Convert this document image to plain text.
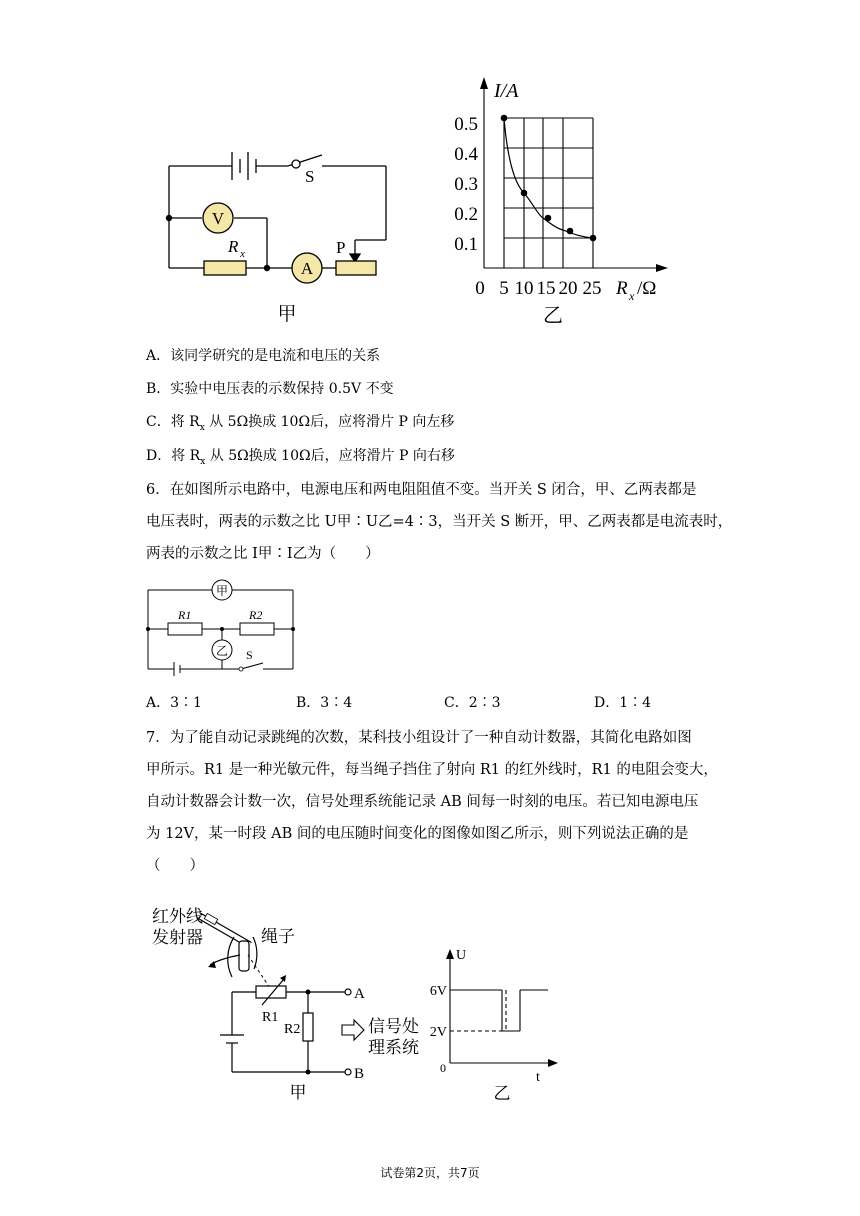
V
A
S
R x	P
甲
0.5
0.4
0.3
0.2
0.1
0 5 10 15 20 25
I/A
R x /Ω
乙
A．该同学研究的是电流和电压的关系
B．实验中电压表的示数保持 0.5V 不变
C．将 $R_x$ 从 5Ω换成 10Ω后，应将滑片 P 向左移
D．将 $R_x$ 从 5Ω换成 10Ω后，应将滑片 P 向右移
6．在如图所示电路中，电源电压和两电阻阻值不变。当开关 S 闭合，甲、乙两表都是
电压表时，两表的示数之比 U甲∶U乙=4∶3，当开关 S 断开，甲、乙两表都是电流表时，
两表的示数之比 I甲∶I乙为（　　）
甲
乙
R1	R2
S
A．3∶1	B．3∶4	C．2∶3	D．1∶4
7．为了能自动记录跳绳的次数，某科技小组设计了一种自动计数器，其简化电路如图
甲所示。R1 是一种光敏元件，每当绳子挡住了射向 R1 的红外线时，R1 的电阻会变大，
自动计数器会计数一次，信号处理系统能记录 AB 间每一时刻的电压。若已知电源电压
为 12V，某一时段 AB 间的电压随时间变化的图像如图乙所示，则下列说法正确的是
（　　）
红外线
发射器	绳子
R1
R2
A
B
信号处
理系统
甲
U
t
0
6V
2V
乙
试卷第2页，共7页
